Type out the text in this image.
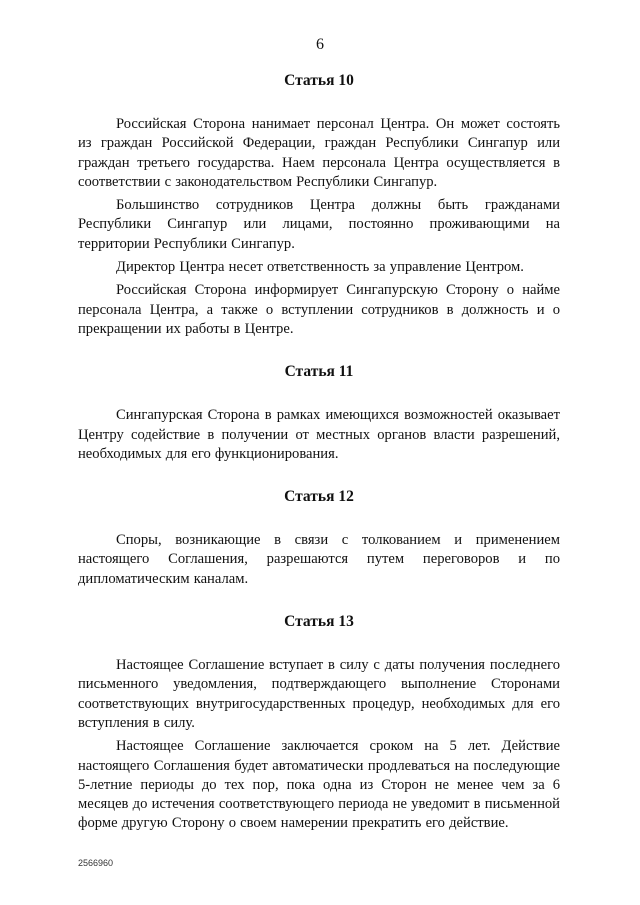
6
Статья 10

Российская Сторона нанимает персонал Центра. Он может состоять из граждан Российской Федерации, граждан Республики Сингапур или граждан третьего государства. Наем персонала Центра осуществляется в соответствии с законодательством Республики Сингапур.

Большинство сотрудников Центра должны быть гражданами Республики Сингапур или лицами, постоянно проживающими на территории Республики Сингапур.

Директор Центра несет ответственность за управление Центром.

Российская Сторона информирует Сингапурскую Сторону о найме персонала Центра, а также о вступлении сотрудников в должность и о прекращении их работы в Центре.

Статья 11

Сингапурская Сторона в рамках имеющихся возможностей оказывает Центру содействие в получении от местных органов власти разрешений, необходимых для его функционирования.

Статья 12

Споры, возникающие в связи с толкованием и применением настоящего Соглашения, разрешаются путем переговоров и по дипломатическим каналам.

Статья 13

Настоящее Соглашение вступает в силу с даты получения последнего письменного уведомления, подтверждающего выполнение Сторонами соответствующих внутригосударственных процедур, необходимых для его вступления в силу.

Настоящее Соглашение заключается сроком на 5 лет. Действие настоящего Соглашения будет автоматически продлеваться на последующие 5-летние периоды до тех пор, пока одна из Сторон не менее чем за 6 месяцев до истечения соответствующего периода не уведомит в письменной форме другую Сторону о своем намерении прекратить его действие.

2566960
